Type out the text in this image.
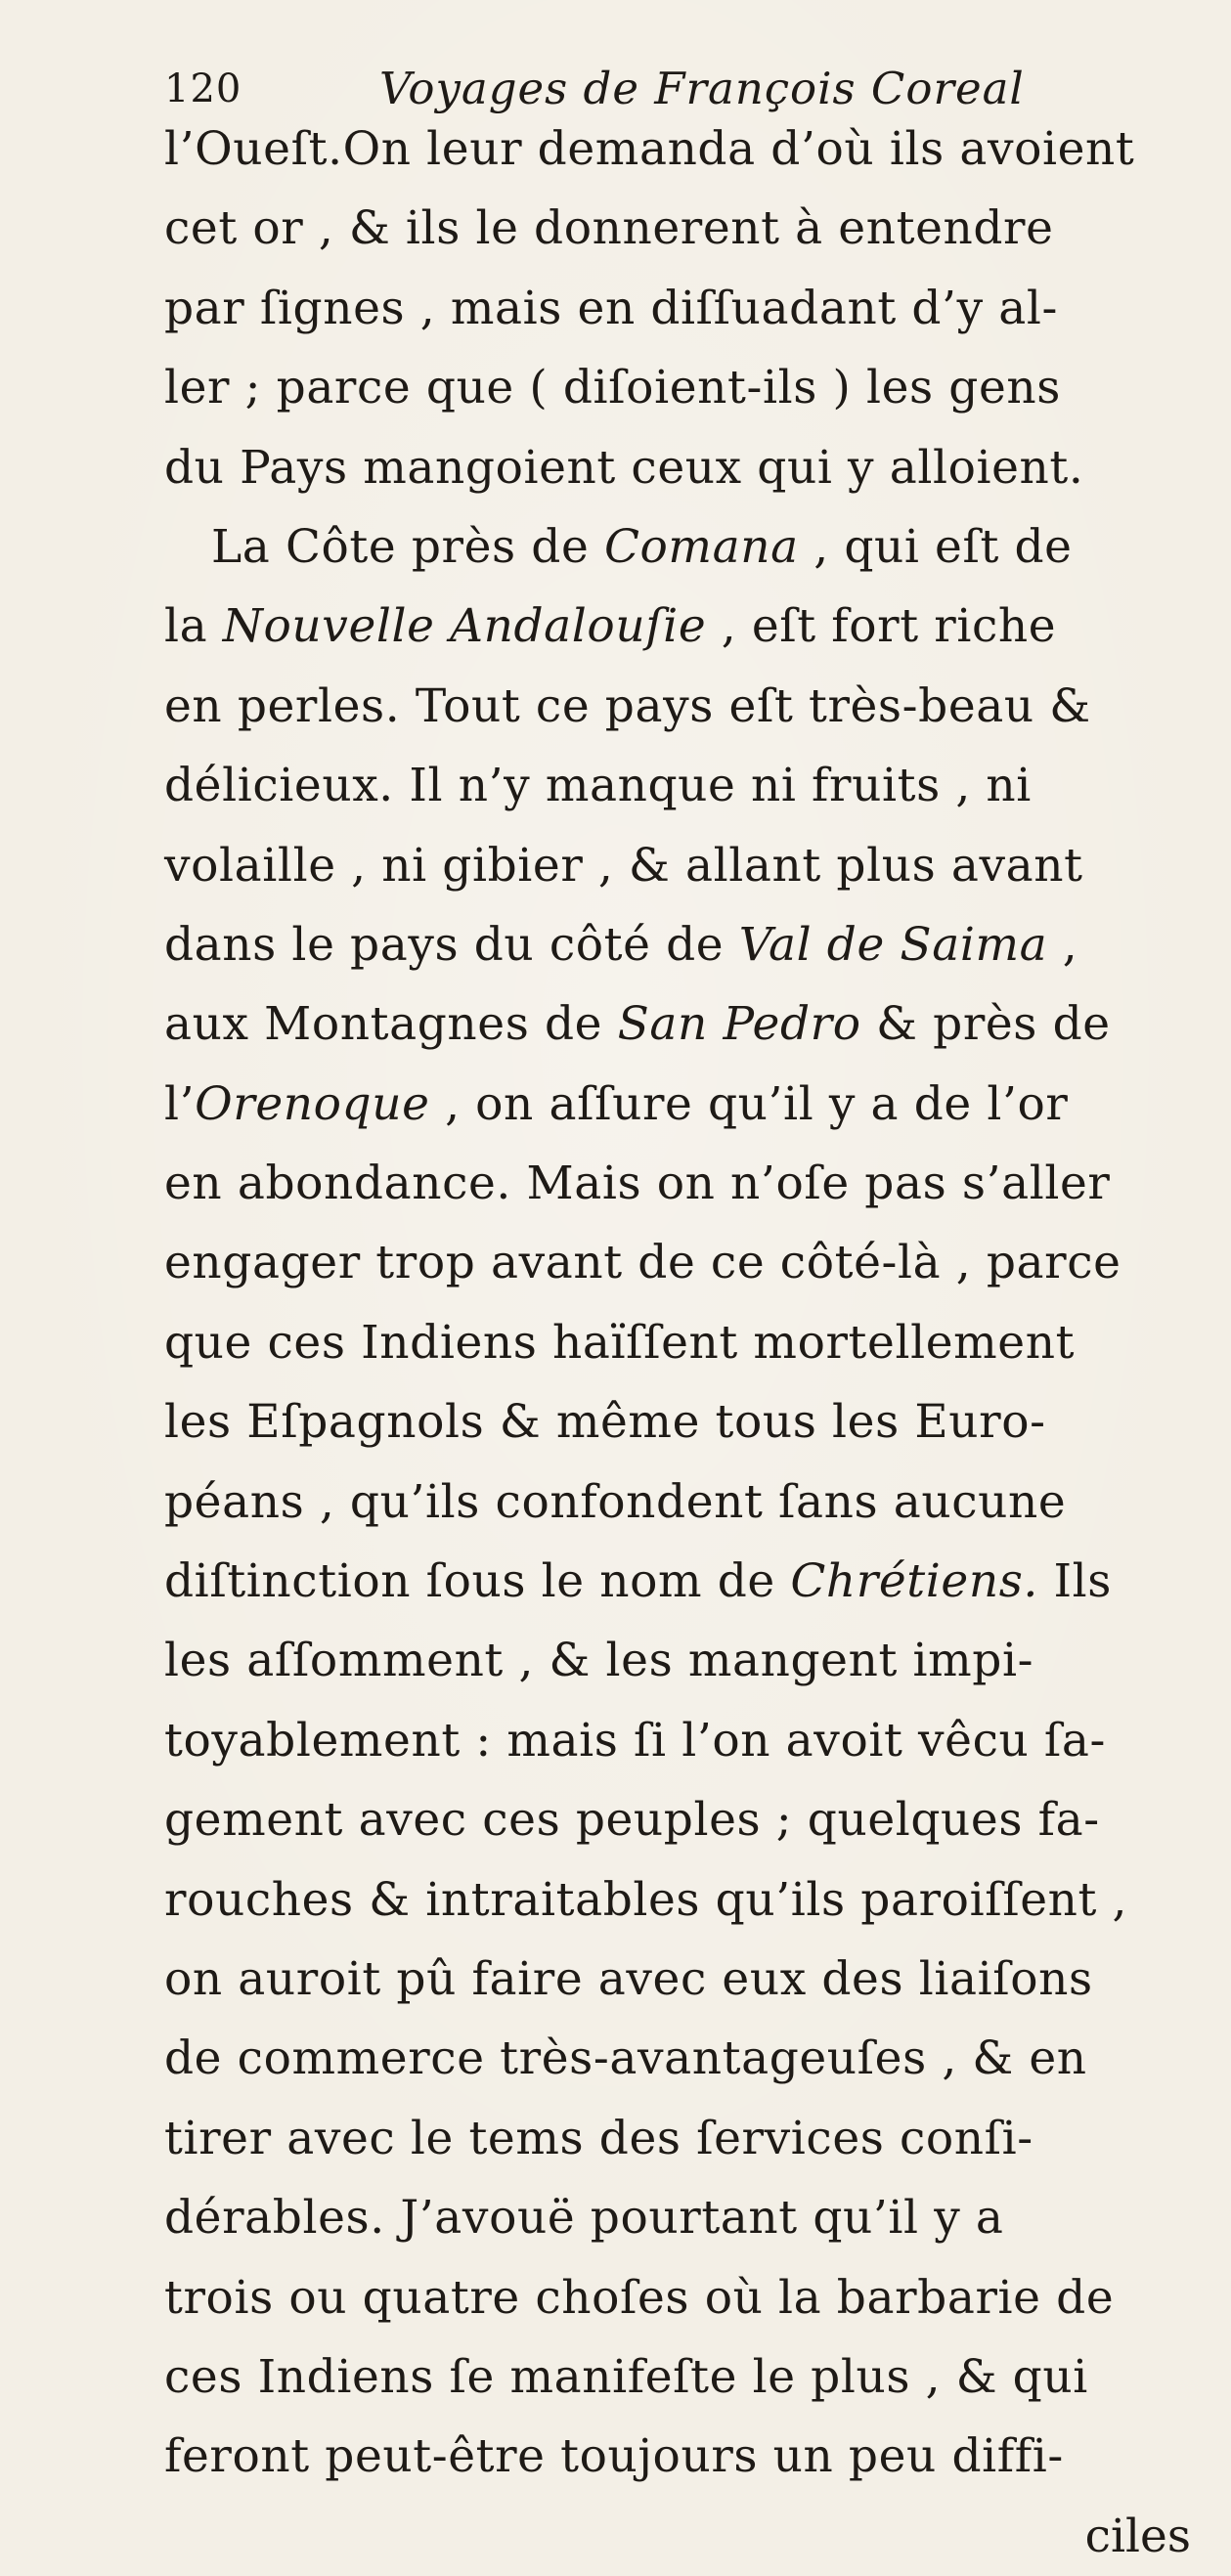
120	Voyages de François Coreal
l’Oueſt.On leur demanda d’où ils avoient
cet or , & ils le donnerent à entendre
par ſignes , mais en diſſuadant d’y al-
ler ; parce que ( diſoient-ils ) les gens
du Pays mangoient ceux qui y alloient.
La Côte près de Comana , qui eſt de
la Nouvelle Andalouſie , eſt fort riche
en perles. Tout ce pays eſt très-beau &
délicieux. Il n’y manque ni fruits , ni
volaille , ni gibier , & allant plus avant
dans le pays du côté de Val de Saima ,
aux Montagnes de San Pedro & près de
l’Orenoque , on aſſure qu’il y a de l’or
en abondance. Mais on n’oſe pas s’aller
engager trop avant de ce côté-là , parce
que ces Indiens haïſſent mortellement
les Eſpagnols & même tous les Euro-
péans , qu’ils confondent ſans aucune
diſtinction ſous le nom de Chrétiens. Ils
les aſſomment , & les mangent impi-
toyablement : mais ſi l’on avoit vêcu ſa-
gement avec ces peuples ; quelques fa-
rouches & intraitables qu’ils paroiſſent ,
on auroit pû faire avec eux des liaiſons
de commerce très-avantageuſes , & en
tirer avec le tems des ſervices conſi-
dérables. J’avouë pourtant qu’il y a
trois ou quatre choſes où la barbarie de
ces Indiens ſe manifeſte le plus , & qui
feront peut-être toujours un peu diffi-
ciles
